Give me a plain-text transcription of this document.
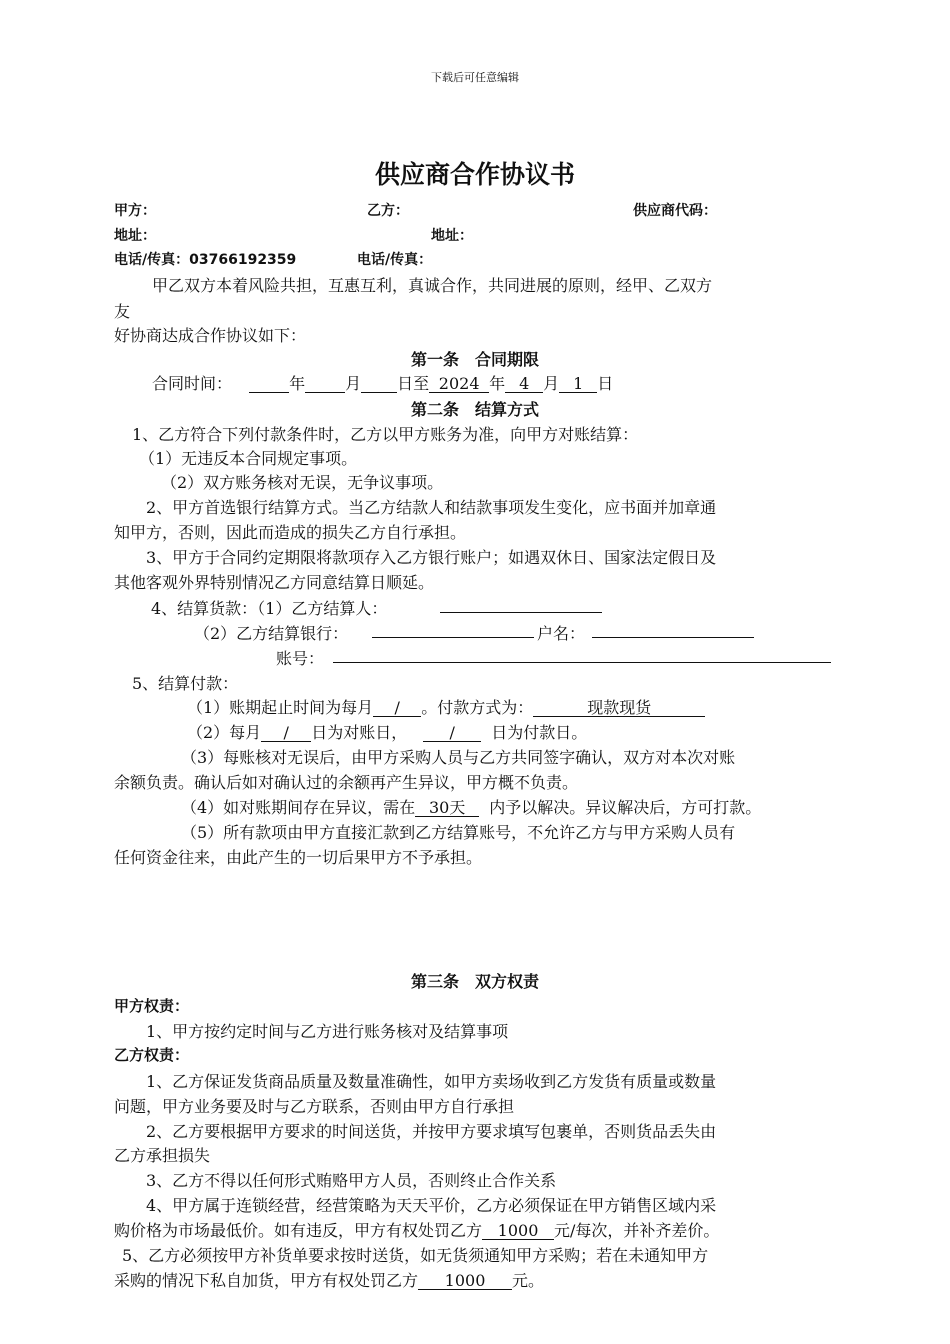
下载后可任意编辑
供应商合作协议书
甲方：	乙方：	供应商代码：
地址：	地址：
电话/传真：03766192359	电话/传真：
甲乙双方本着风险共担，互惠互利，真诚合作，共同进展的原则，经甲、乙双方
友
好协商达成合作协议如下：
第一条　合同期限
合同时间：	年	月 日至 2024 年 4 月 1 日
第二条　结算方式
1、乙方符合下列付款条件时，乙方以甲方账务为准，向甲方对账结算：
（1）无违反本合同规定事项。
（2）双方账务核对无误，无争议事项。
2、甲方首选银行结算方式。当乙方结款人和结款事项发生变化，应书面并加章通
知甲方，否则，因此而造成的损失乙方自行承担。
3、甲方于合同约定期限将款项存入乙方银行账户；如遇双休日、国家法定假日及
其他客观外界特别情况乙方同意结算日顺延。
4、结算货款：（1）乙方结算人：
（2）乙方结算银行：	户名：
账号：
5、结算付款：
（1）账期起止时间为每月 / 。付款方式为：	现款现货
（2）每月 / 日为对账日，	/ 日为付款日。
（3）每账核对无误后，由甲方采购人员与乙方共同签字确认，双方对本次对账
余额负责。确认后如对确认过的余额再产生异议，甲方概不负责。
（4）如对账期间存在异议，需在 30天 内予以解决。异议解决后，方可打款。
（5）所有款项由甲方直接汇款到乙方结算账号，不允许乙方与甲方采购人员有
任何资金往来，由此产生的一切后果甲方不予承担。
第三条　双方权责
甲方权责：
1、甲方按约定时间与乙方进行账务核对及结算事项
乙方权责：
1、乙方保证发货商品质量及数量准确性，如甲方卖场收到乙方发货有质量或数量
问题，甲方业务要及时与乙方联系，否则由甲方自行承担
2、乙方要根据甲方要求的时间送货，并按甲方要求填写包裹单，否则货品丢失由
乙方承担损失
3、乙方不得以任何形式贿赂甲方人员，否则终止合作关系
4、甲方属于连锁经营，经营策略为天天平价，乙方必须保证在甲方销售区域内采
购价格为市场最低价。如有违反，甲方有权处罚乙方 1000 元/每次，并补齐差价。
5、乙方必须按甲方补货单要求按时送货，如无货须通知甲方采购；若在未通知甲方
采购的情况下私自加货，甲方有权处罚乙方 1000 元。
